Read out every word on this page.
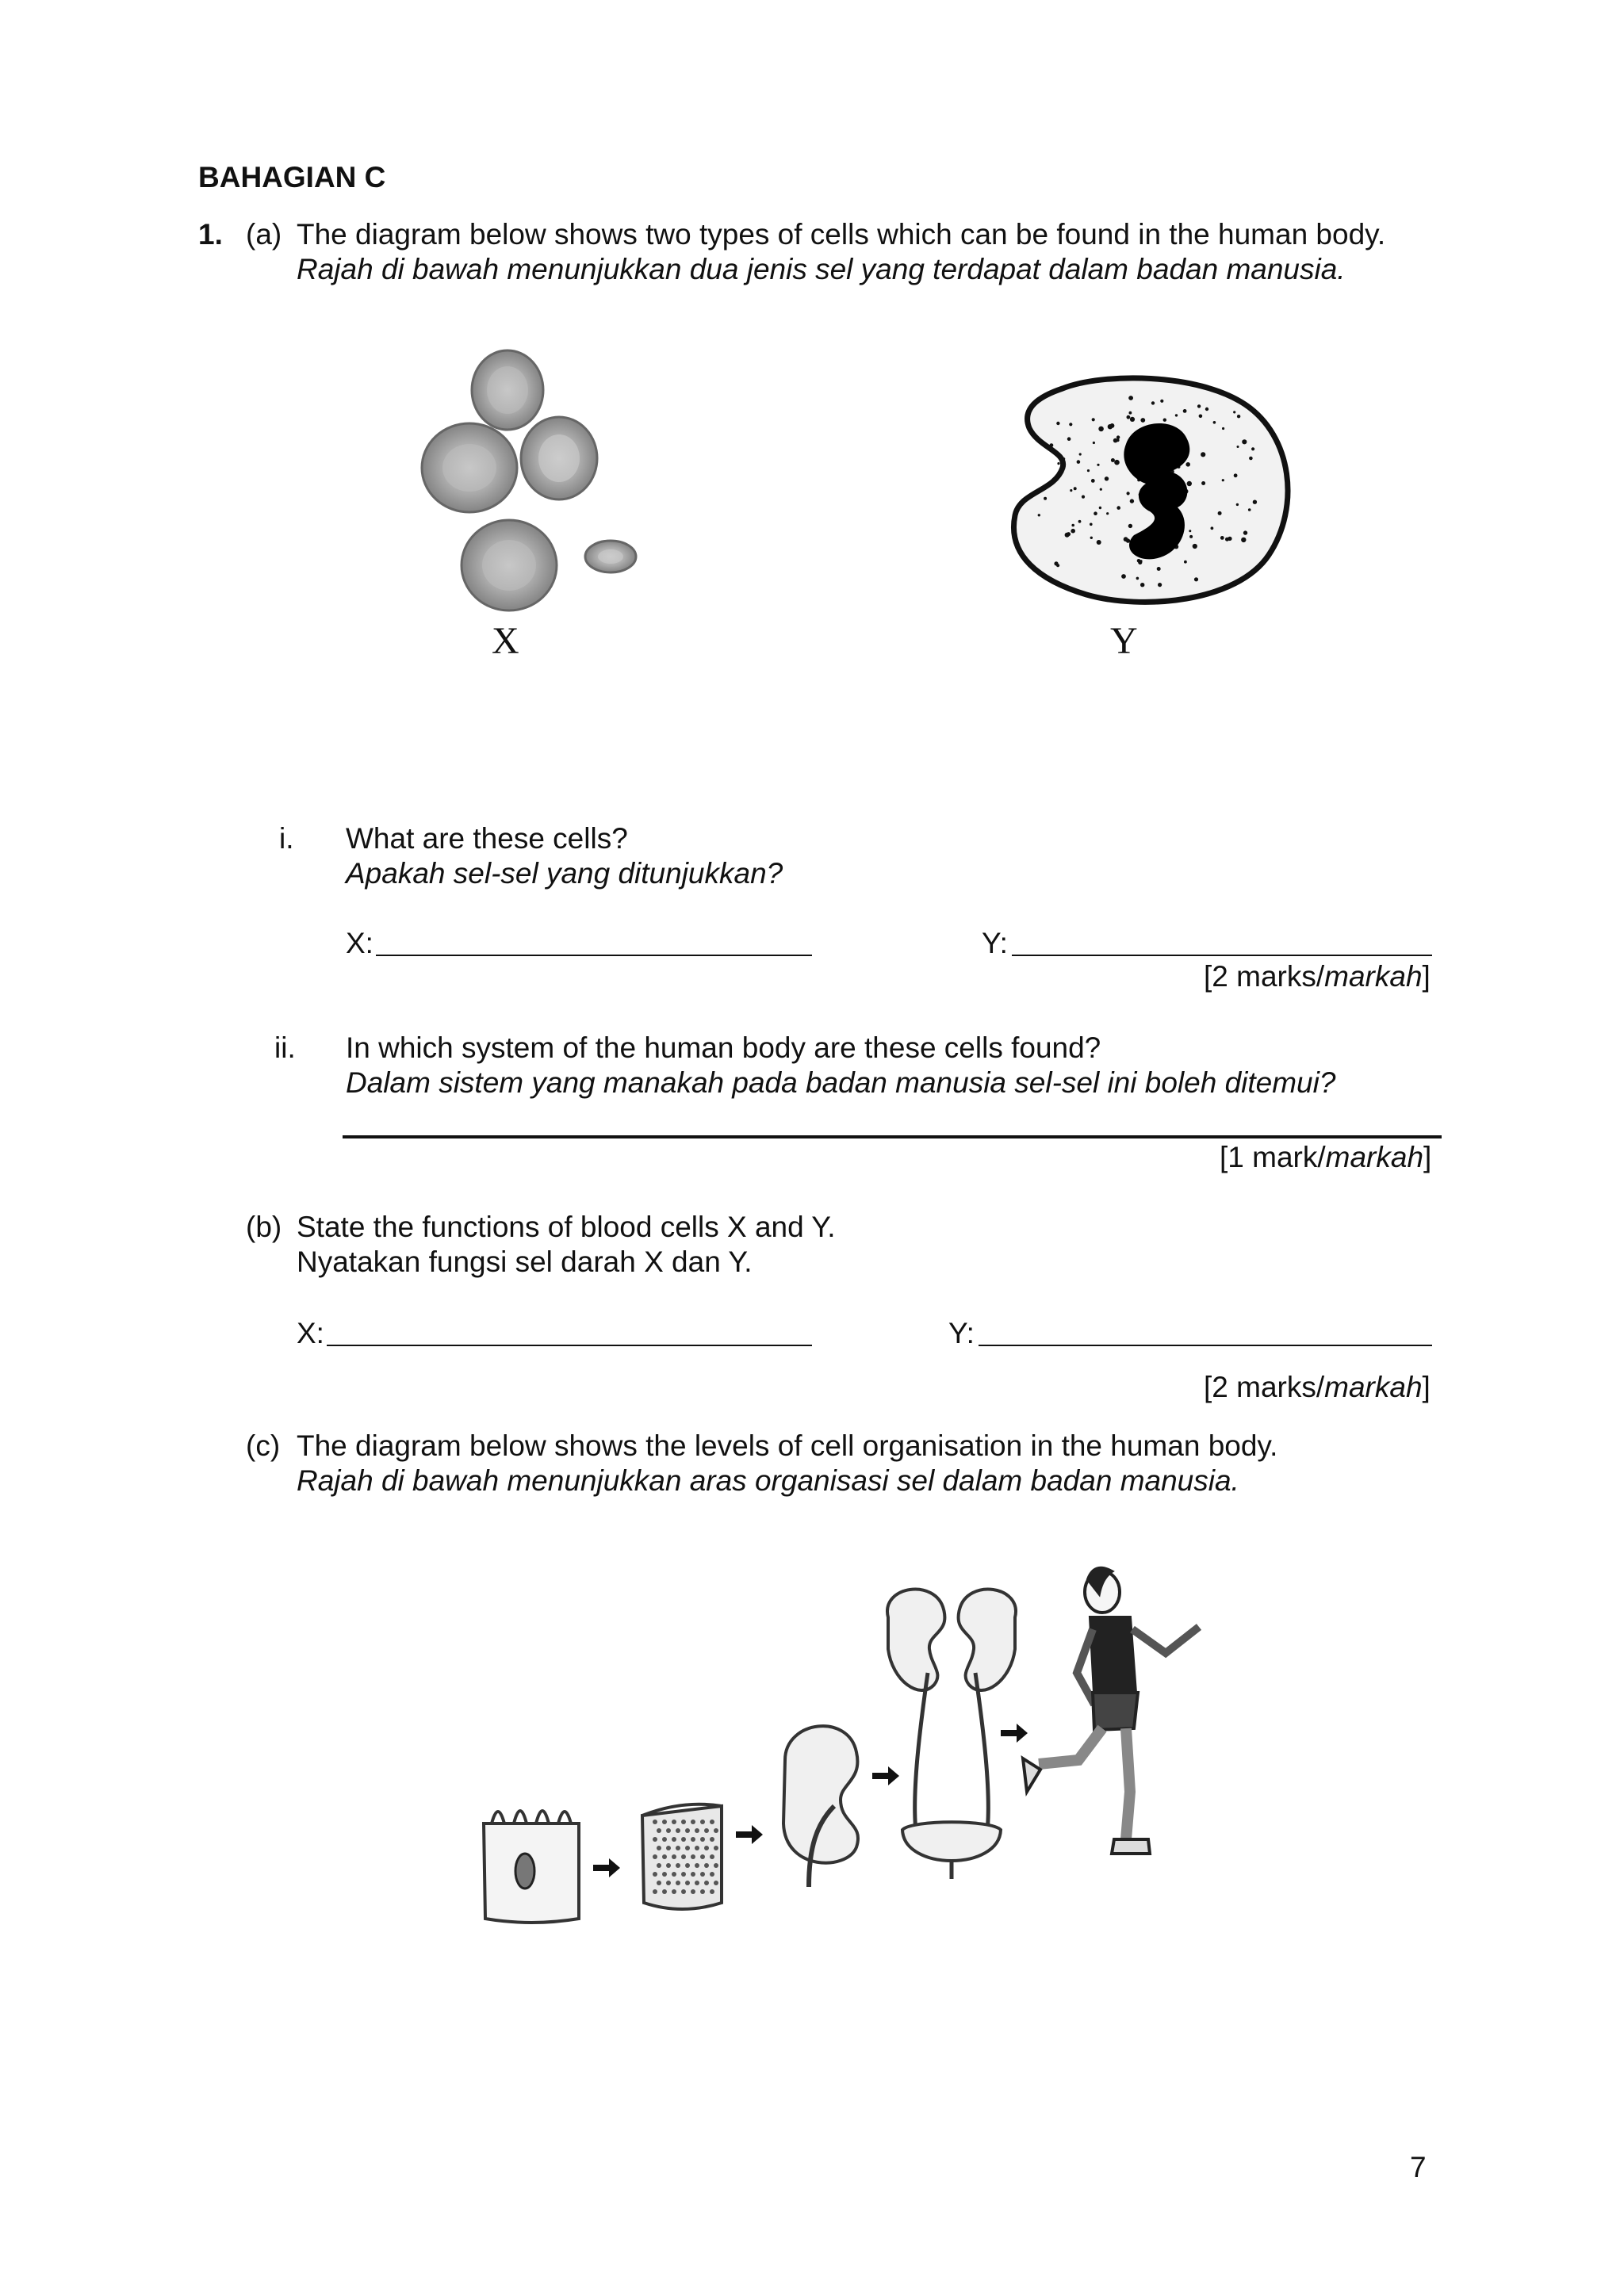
BAHAGIAN C
1. (a) The diagram below shows two types of cells which can be found in the human body.
Rajah di bawah menunjukkan dua jenis sel yang terdapat dalam badan manusia.
X	Y
i. What are these cells?
Apakah sel-sel yang ditunjukkan?
X:	Y:
[2 marks/markah]
ii. In which system of the human body are these cells found?
Dalam sistem yang manakah pada badan manusia sel-sel ini boleh ditemui?
[1 mark/markah]
(b) State the functions of blood cells X and Y.
Nyatakan fungsi sel darah X dan Y.
X:	Y:
[2 marks/markah]
(c) The diagram below shows the levels of cell organisation in the human body.
Rajah di bawah menunjukkan aras organisasi sel dalam badan manusia.
7
